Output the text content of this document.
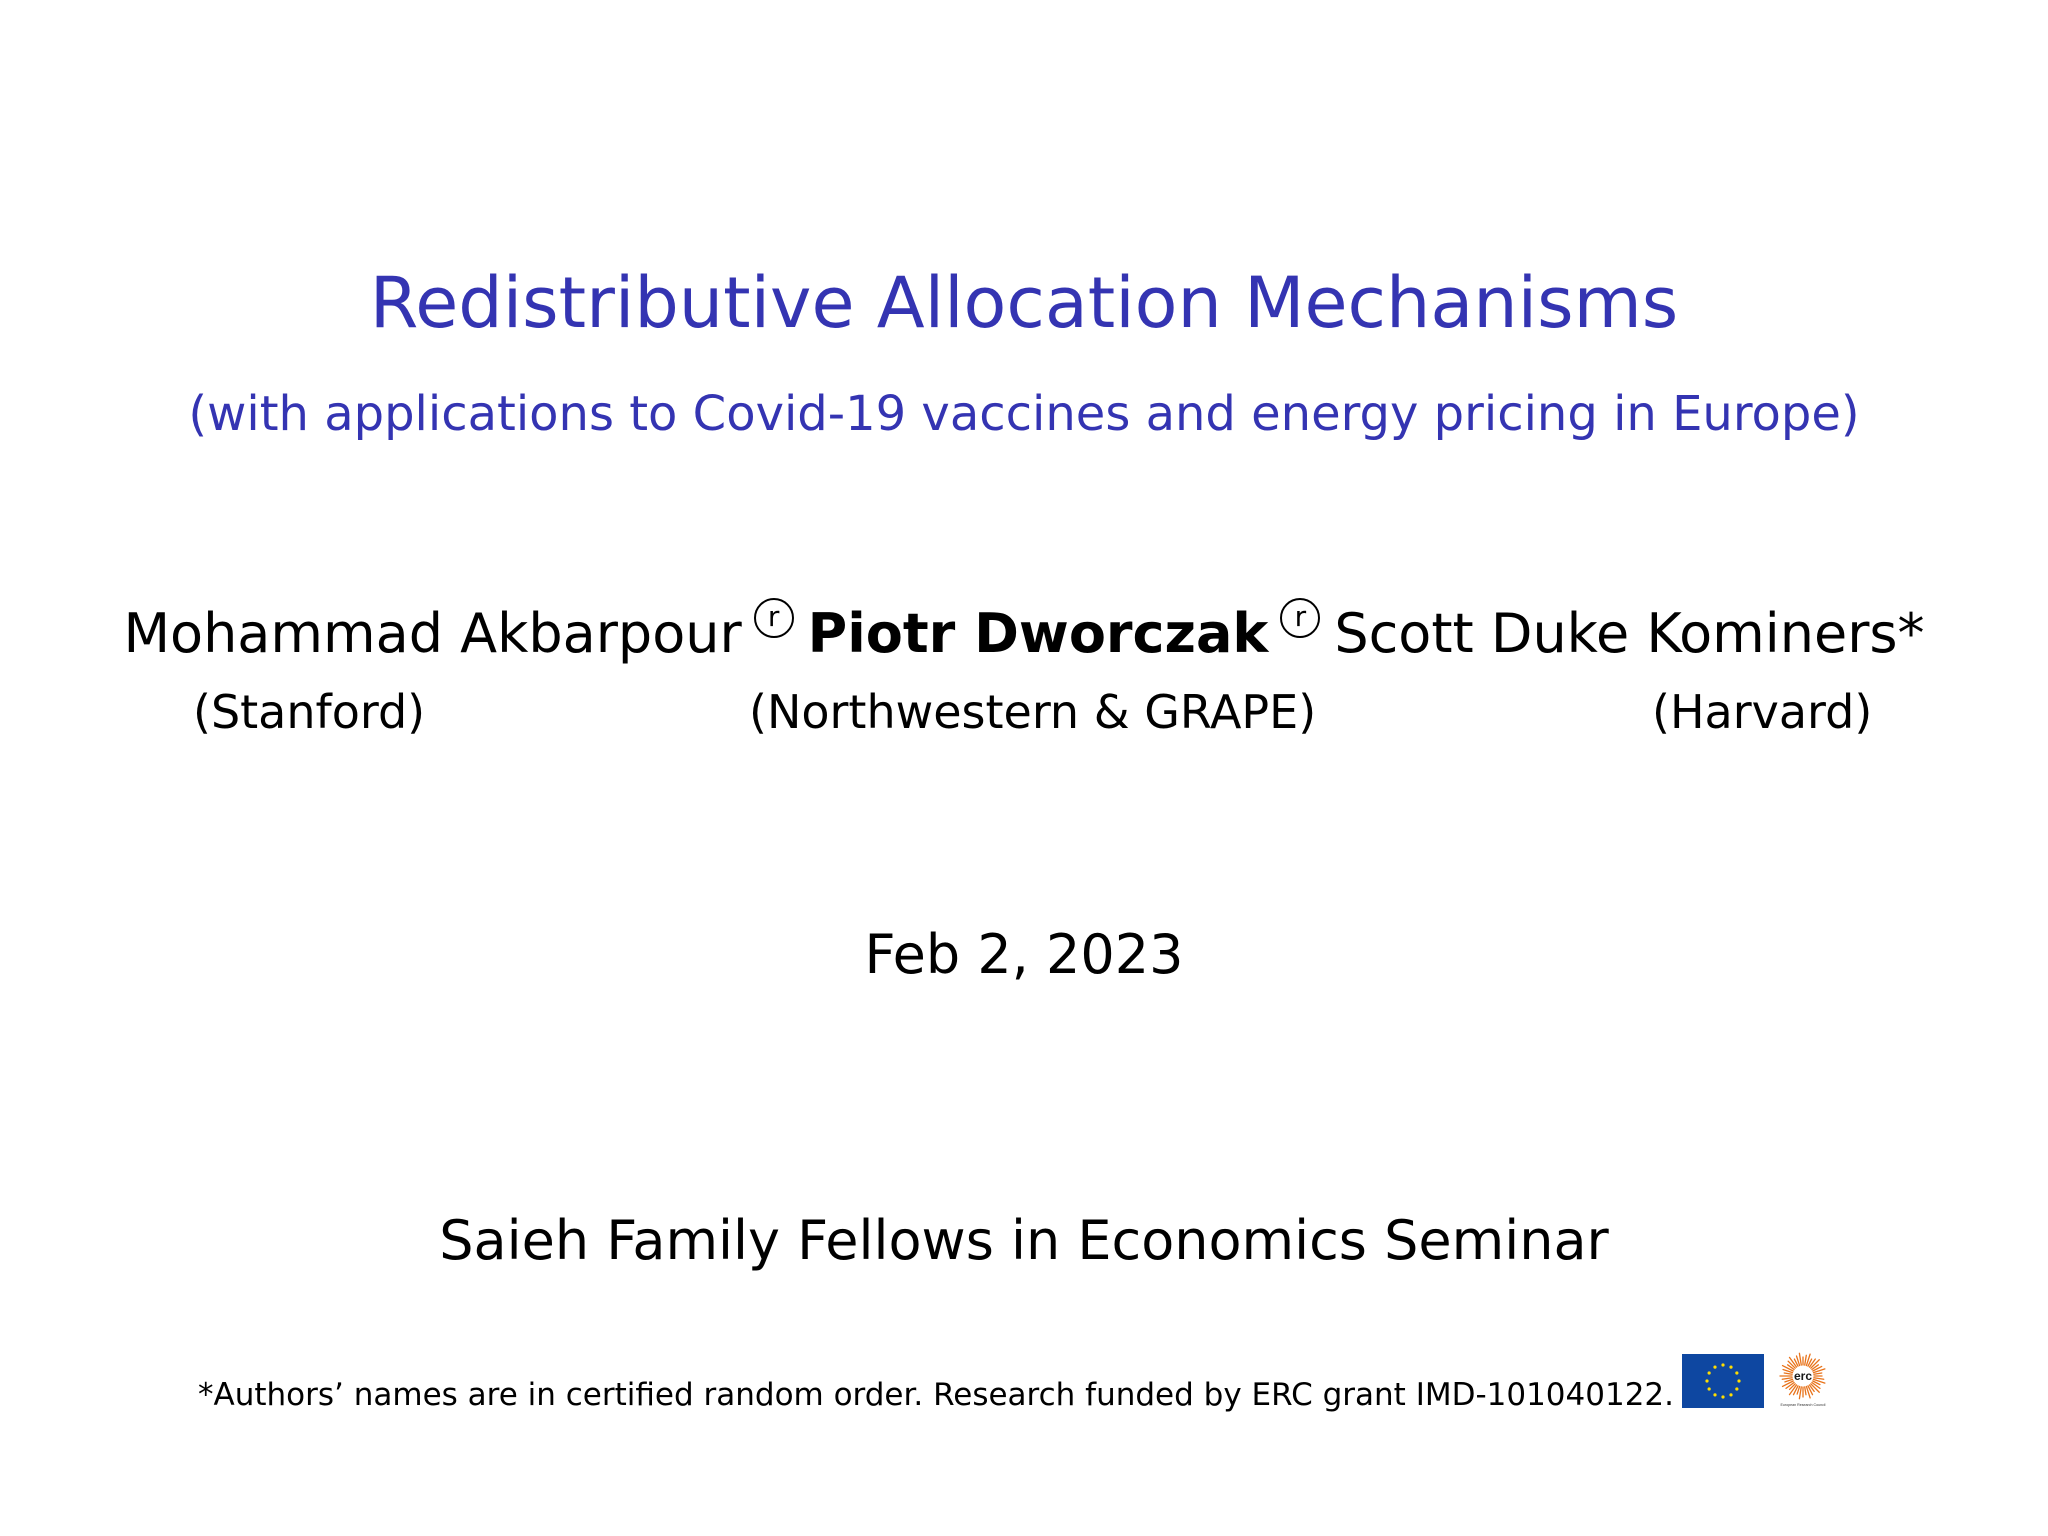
Redistributive Allocation Mechanisms
(with applications to Covid-19 vaccines and energy pricing in Europe)
Mohammad Akbarpour r Piotr Dworczak r Scott Duke Kominers*
(Stanford)	(Northwestern & GRAPE)	(Harvard)
Feb 2, 2023
Saieh Family Fellows in Economics Seminar
*Authors’ names are in certified random order. Research funded by ERC grant IMD-101040122.
erc
European Research Council
